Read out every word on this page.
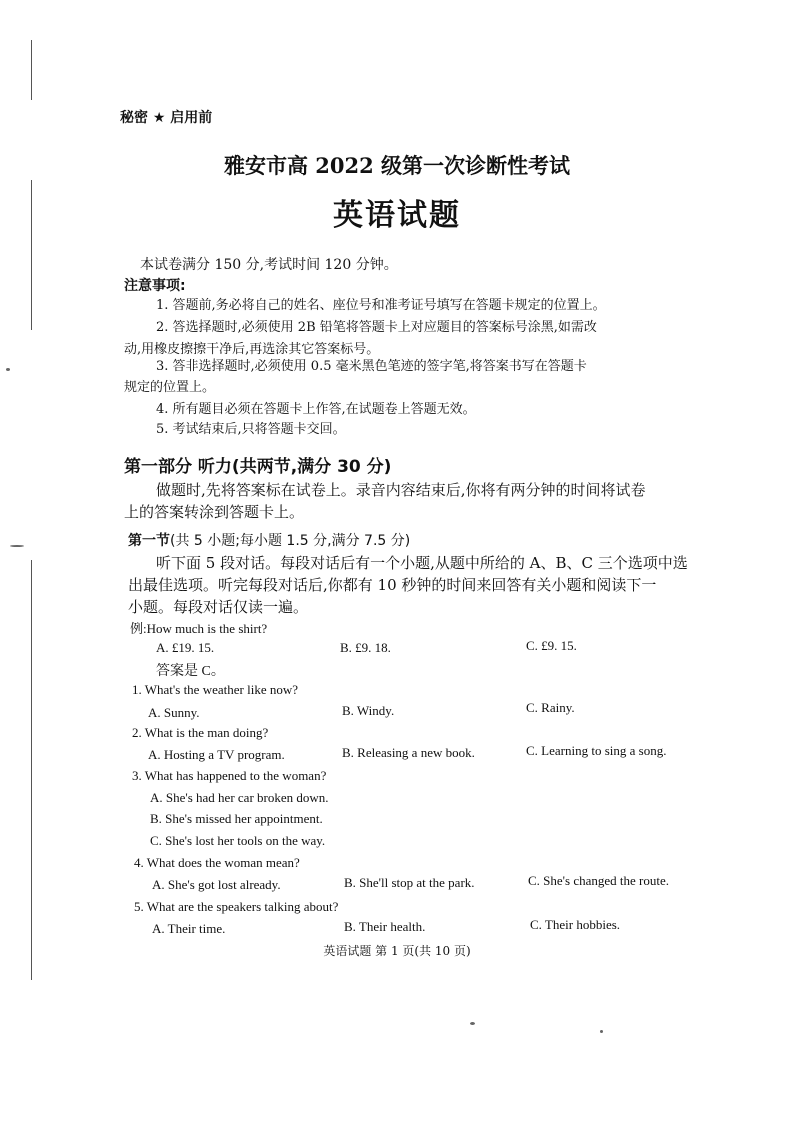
秘密 ★ 启用前
雅安市高 2022 级第一次诊断性考试
英语试题
本试卷满分 150 分,考试时间 120 分钟。
注意事项:
1. 答题前,务必将自己的姓名、座位号和准考证号填写在答题卡规定的位置上。
2. 答选择题时,必须使用 2B 铅笔将答题卡上对应题目的答案标号涂黑,如需改
动,用橡皮擦擦干净后,再选涂其它答案标号。
3. 答非选择题时,必须使用 0.5 毫米黑色笔迹的签字笔,将答案书写在答题卡
规定的位置上。
4. 所有题目必须在答题卡上作答,在试题卷上答题无效。
5. 考试结束后,只将答题卡交回。
第一部分 听力(共两节,满分 30 分)
做题时,先将答案标在试卷上。录音内容结束后,你将有两分钟的时间将试卷
上的答案转涂到答题卡上。
第一节(共 5 小题;每小题 1.5 分,满分 7.5 分)
听下面 5 段对话。每段对话后有一个小题,从题中所给的 A、B、C 三个选项中选
出最佳选项。听完每段对话后,你都有 10 秒钟的时间来回答有关小题和阅读下一
小题。每段对话仅读一遍。
例:How much is the shirt?
A. £19. 15.	B. £9. 18.	C. £9. 15.
答案是 C。
1. What's the weather like now?
A. Sunny.	B. Windy.	C. Rainy.
2. What is the man doing?
A. Hosting a TV program.	B. Releasing a new book.	C. Learning to sing a song.
3. What has happened to the woman?
A. She's had her car broken down.
B. She's missed her appointment.
C. She's lost her tools on the way.
4. What does the woman mean?
A. She's got lost already.	B. She'll stop at the park.	C. She's changed the route.
5. What are the speakers talking about?
A. Their time.	B. Their health.	C. Their hobbies.
英语试题 第 1 页(共 10 页)
